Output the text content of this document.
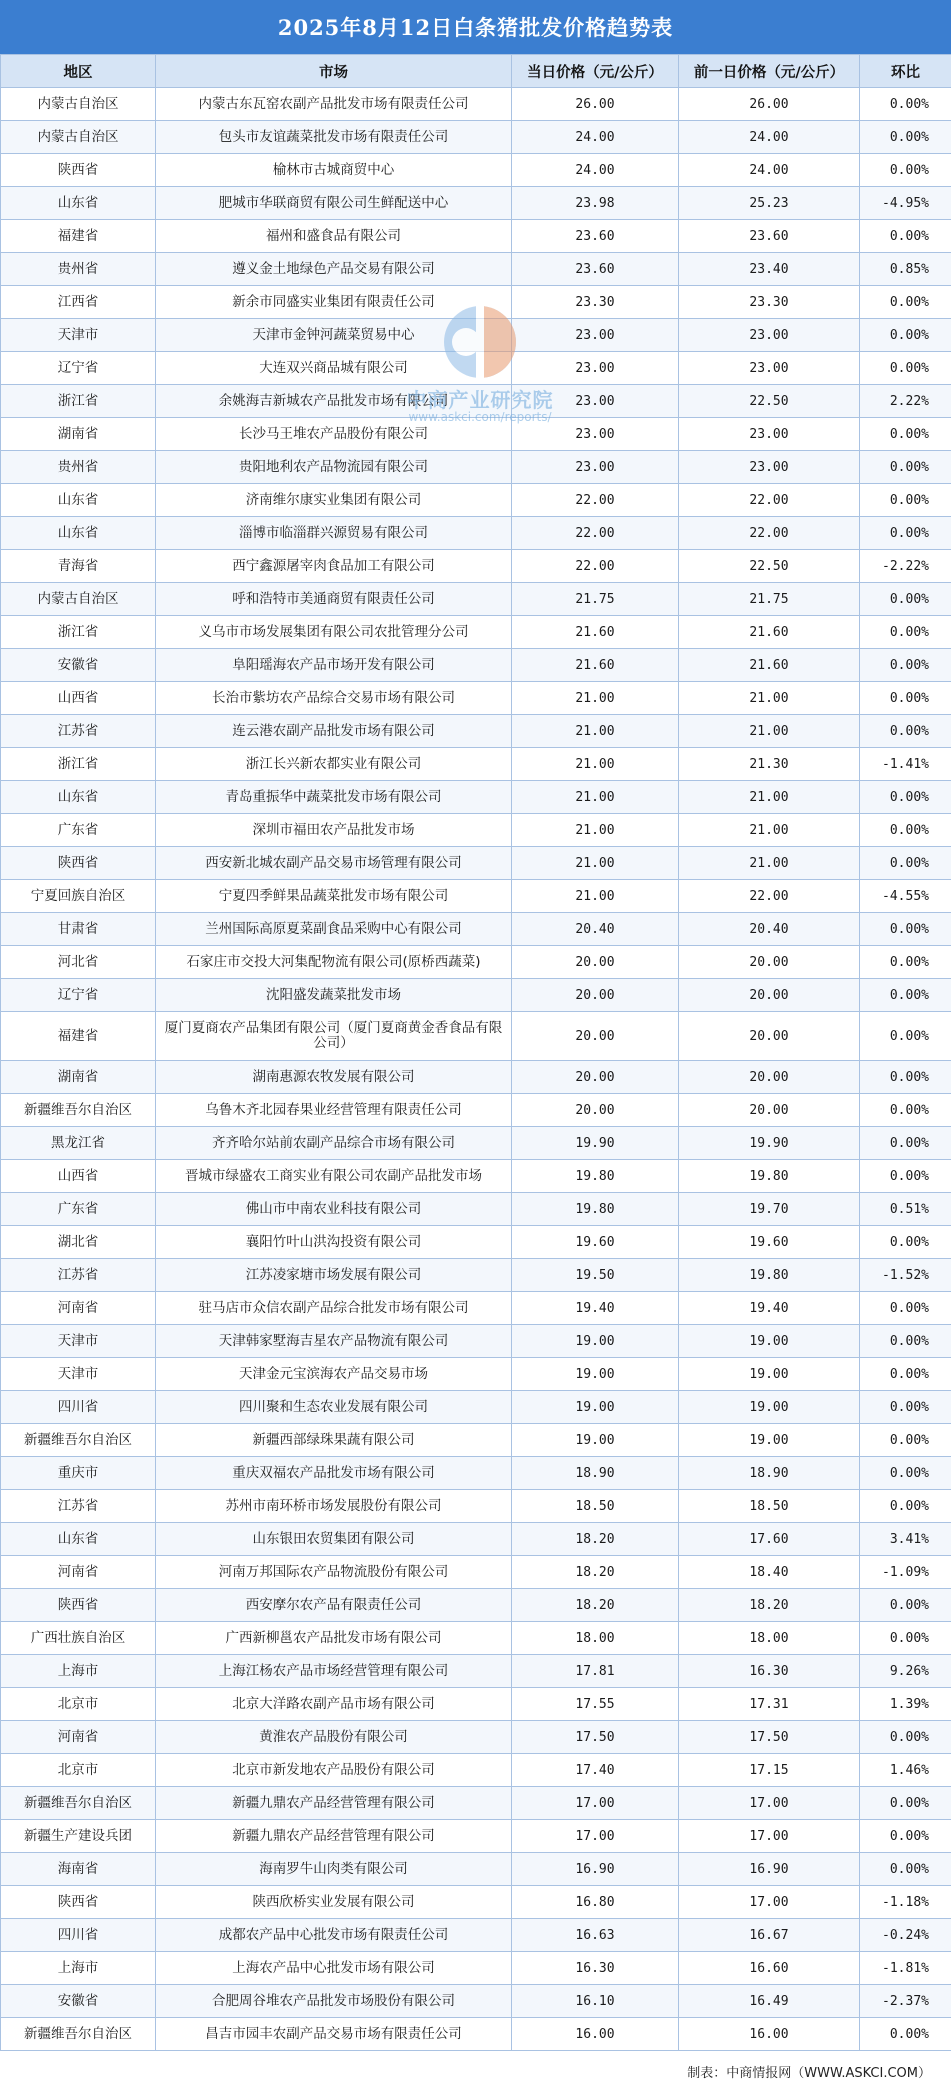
2025年8月12日白条猪批发价格趋势表
地区	市场	当日价格（元/公斤）	前一日价格（元/公斤）	环比
内蒙古自治区	内蒙古东瓦窑农副产品批发市场有限责任公司	26.00	26.00	0.00%
内蒙古自治区	包头市友谊蔬菜批发市场有限责任公司	24.00	24.00	0.00%
陕西省	榆林市古城商贸中心	24.00	24.00	0.00%
山东省	肥城市华联商贸有限公司生鲜配送中心	23.98	25.23	-4.95%
福建省	福州和盛食品有限公司	23.60	23.60	0.00%
贵州省	遵义金土地绿色产品交易有限公司	23.60	23.40	0.85%
江西省	新余市同盛实业集团有限责任公司	23.30	23.30	0.00%
天津市	天津市金钟河蔬菜贸易中心	23.00	23.00	0.00%
辽宁省	大连双兴商品城有限公司	23.00	23.00	0.00%
浙江省	余姚海吉新城农产品批发市场有限公司	23.00	22.50	2.22%
湖南省	长沙马王堆农产品股份有限公司	23.00	23.00	0.00%
贵州省	贵阳地利农产品物流园有限公司	23.00	23.00	0.00%
山东省	济南维尔康实业集团有限公司	22.00	22.00	0.00%
山东省	淄博市临淄群兴源贸易有限公司	22.00	22.00	0.00%
青海省	西宁鑫源屠宰肉食品加工有限公司	22.00	22.50	-2.22%
内蒙古自治区	呼和浩特市美通商贸有限责任公司	21.75	21.75	0.00%
浙江省	义乌市市场发展集团有限公司农批管理分公司	21.60	21.60	0.00%
安徽省	阜阳瑶海农产品市场开发有限公司	21.60	21.60	0.00%
山西省	长治市紫坊农产品综合交易市场有限公司	21.00	21.00	0.00%
江苏省	连云港农副产品批发市场有限公司	21.00	21.00	0.00%
浙江省	浙江长兴新农都实业有限公司	21.00	21.30	-1.41%
山东省	青岛重振华中蔬菜批发市场有限公司	21.00	21.00	0.00%
广东省	深圳市福田农产品批发市场	21.00	21.00	0.00%
陕西省	西安新北城农副产品交易市场管理有限公司	21.00	21.00	0.00%
宁夏回族自治区	宁夏四季鲜果品蔬菜批发市场有限公司	21.00	22.00	-4.55%
甘肃省	兰州国际高原夏菜副食品采购中心有限公司	20.40	20.40	0.00%
河北省	石家庄市交投大河集配物流有限公司(原桥西蔬菜)	20.00	20.00	0.00%
辽宁省	沈阳盛发蔬菜批发市场	20.00	20.00	0.00%
福建省	厦门夏商农产品集团有限公司（厦门夏商黄金香食品有限公司）	20.00	20.00	0.00%
湖南省	湖南惠源农牧发展有限公司	20.00	20.00	0.00%
新疆维吾尔自治区	乌鲁木齐北园春果业经营管理有限责任公司	20.00	20.00	0.00%
黑龙江省	齐齐哈尔站前农副产品综合市场有限公司	19.90	19.90	0.00%
山西省	晋城市绿盛农工商实业有限公司农副产品批发市场	19.80	19.80	0.00%
广东省	佛山市中南农业科技有限公司	19.80	19.70	0.51%
湖北省	襄阳竹叶山洪沟投资有限公司	19.60	19.60	0.00%
江苏省	江苏凌家塘市场发展有限公司	19.50	19.80	-1.52%
河南省	驻马店市众信农副产品综合批发市场有限公司	19.40	19.40	0.00%
天津市	天津韩家墅海吉星农产品物流有限公司	19.00	19.00	0.00%
天津市	天津金元宝滨海农产品交易市场	19.00	19.00	0.00%
四川省	四川聚和生态农业发展有限公司	19.00	19.00	0.00%
新疆维吾尔自治区	新疆西部绿珠果蔬有限公司	19.00	19.00	0.00%
重庆市	重庆双福农产品批发市场有限公司	18.90	18.90	0.00%
江苏省	苏州市南环桥市场发展股份有限公司	18.50	18.50	0.00%
山东省	山东银田农贸集团有限公司	18.20	17.60	3.41%
河南省	河南万邦国际农产品物流股份有限公司	18.20	18.40	-1.09%
陕西省	西安摩尔农产品有限责任公司	18.20	18.20	0.00%
广西壮族自治区	广西新柳邕农产品批发市场有限公司	18.00	18.00	0.00%
上海市	上海江杨农产品市场经营管理有限公司	17.81	16.30	9.26%
北京市	北京大洋路农副产品市场有限公司	17.55	17.31	1.39%
河南省	黄淮农产品股份有限公司	17.50	17.50	0.00%
北京市	北京市新发地农产品股份有限公司	17.40	17.15	1.46%
新疆维吾尔自治区	新疆九鼎农产品经营管理有限公司	17.00	17.00	0.00%
新疆生产建设兵团	新疆九鼎农产品经营管理有限公司	17.00	17.00	0.00%
海南省	海南罗牛山肉类有限公司	16.90	16.90	0.00%
陕西省	陕西欣桥实业发展有限公司	16.80	17.00	-1.18%
四川省	成都农产品中心批发市场有限责任公司	16.63	16.67	-0.24%
上海市	上海农产品中心批发市场有限公司	16.30	16.60	-1.81%
安徽省	合肥周谷堆农产品批发市场股份有限公司	16.10	16.49	-2.37%
新疆维吾尔自治区	昌吉市园丰农副产品交易市场有限责任公司	16.00	16.00	0.00%
中商产业研究院
www.askci.com/reports/
制表：中商情报网（WWW.ASKCI.COM）
